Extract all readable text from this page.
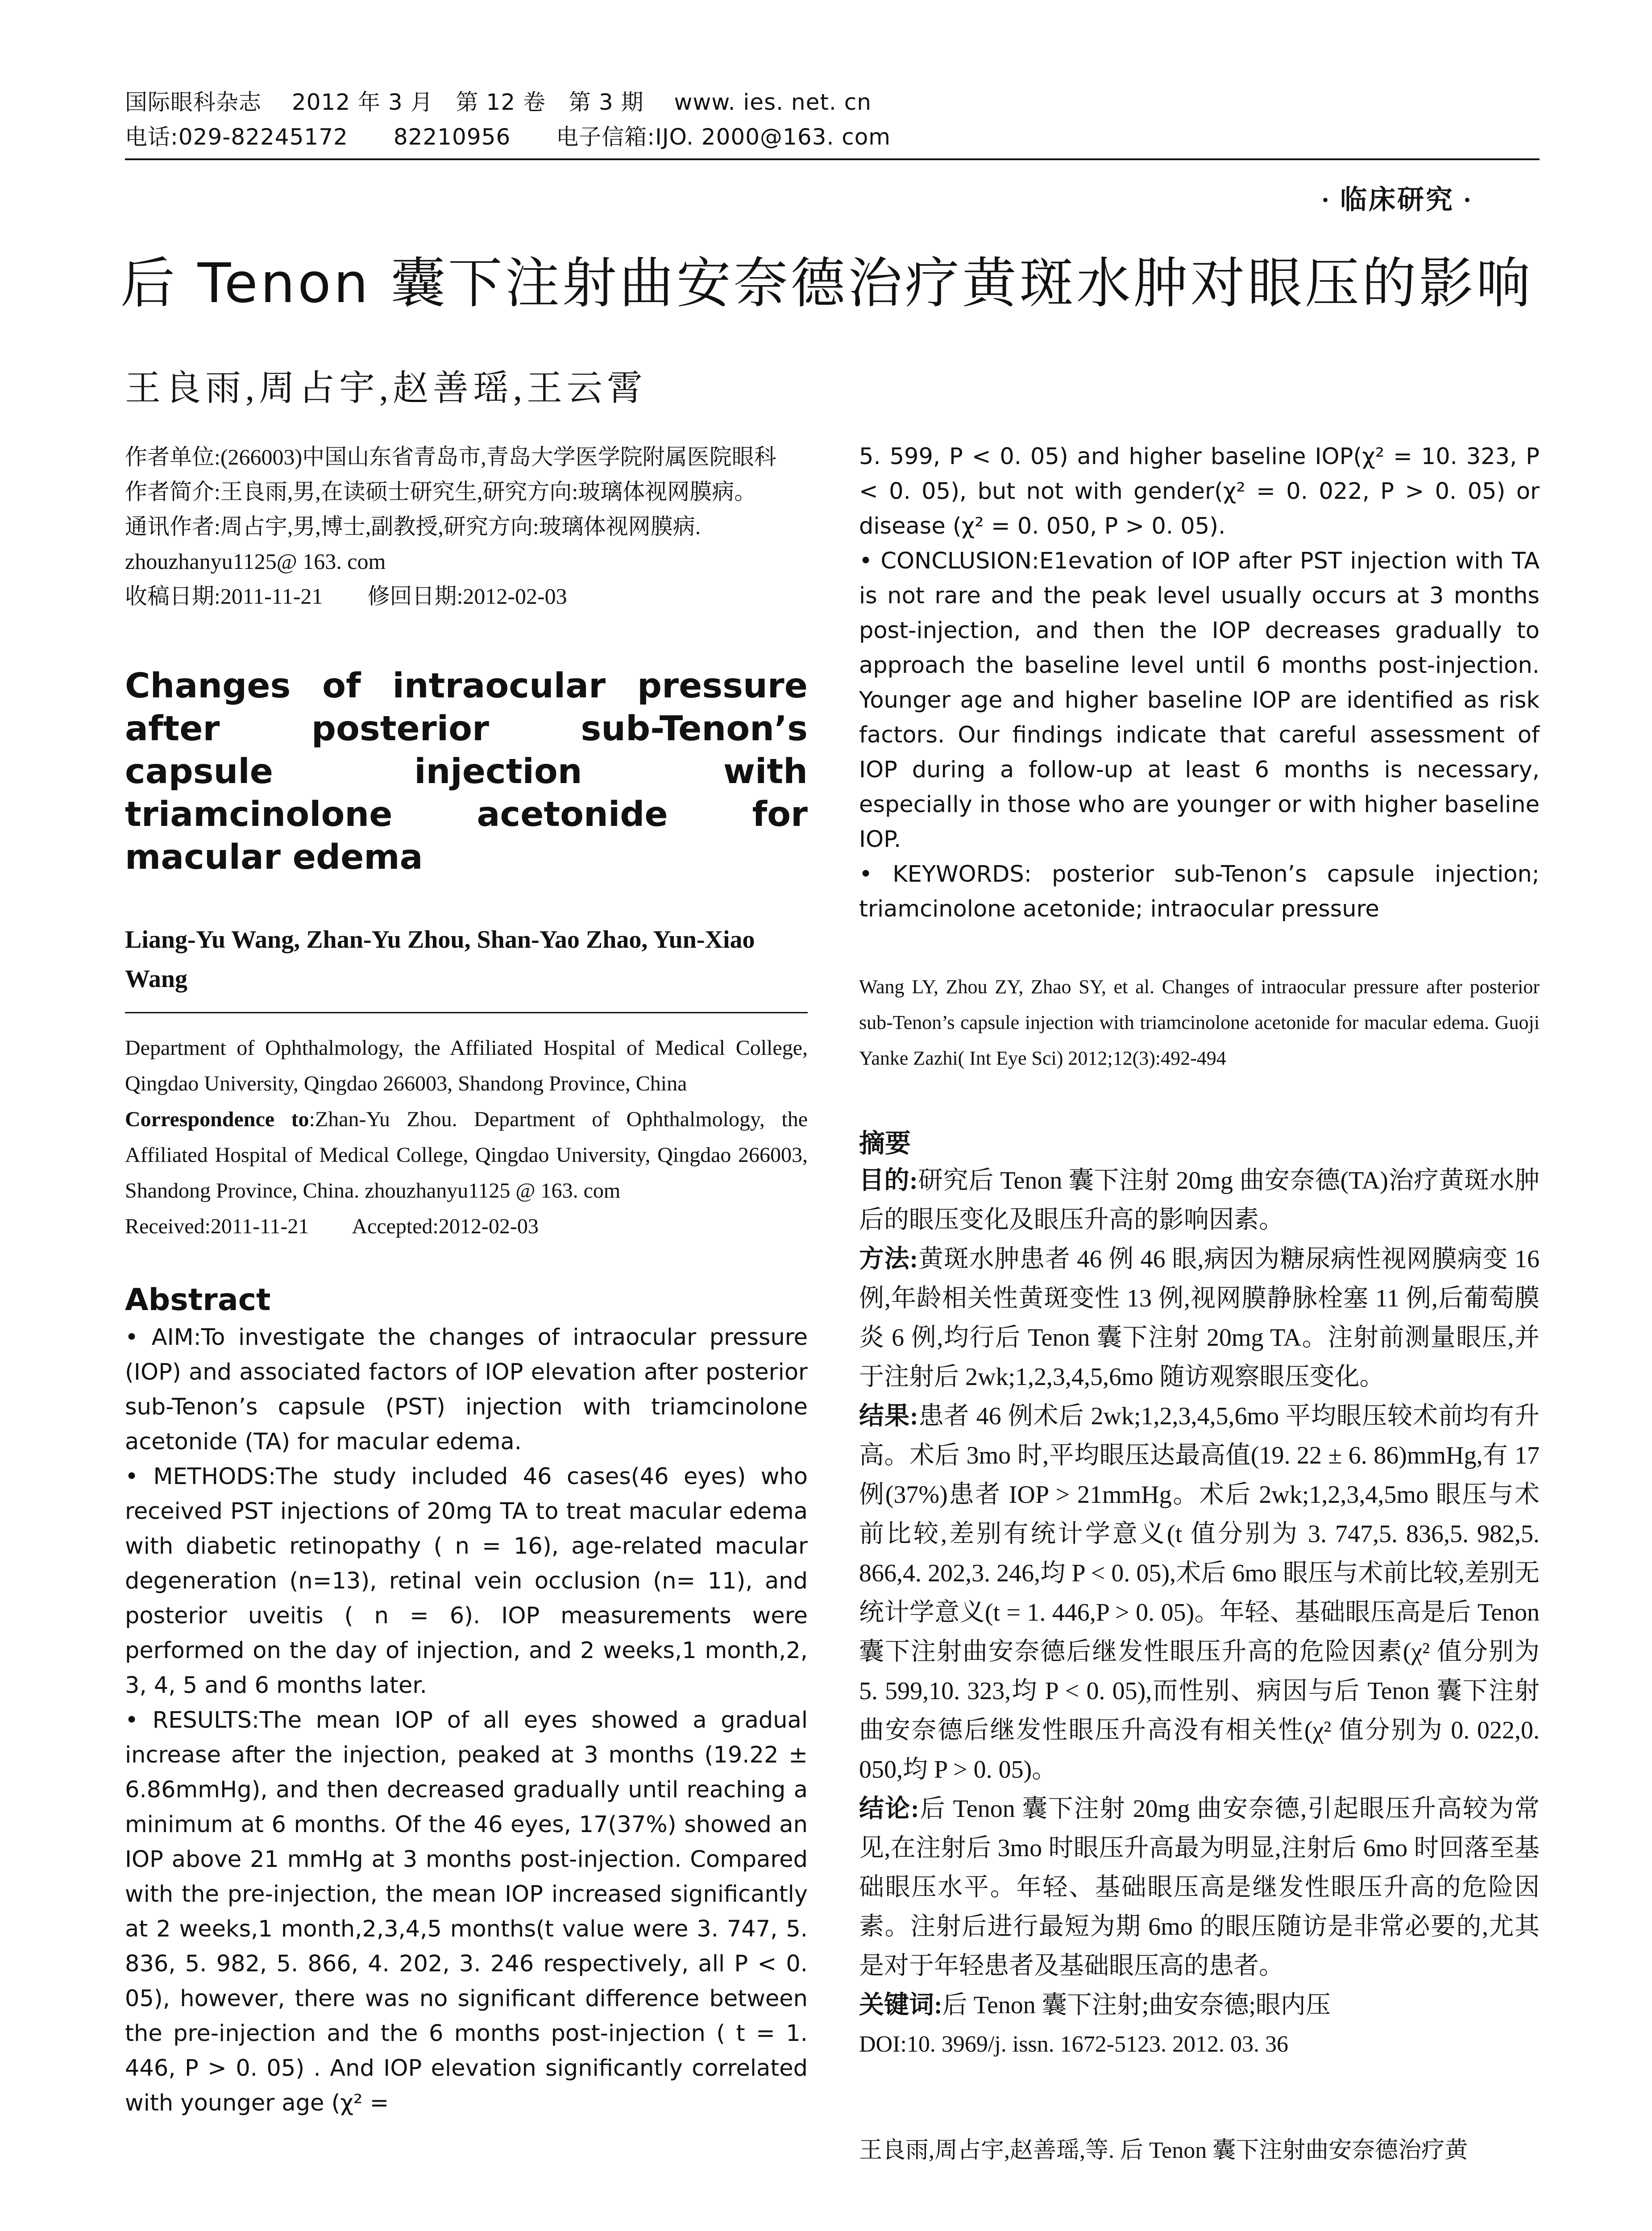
国际眼科杂志　 2012 年 3 月　第 12 卷　第 3 期　 www. ies. net. cn
电话:029-82245172　　82210956　　电子信箱:IJO. 2000@163. com
· 临床研究 ·
后 Tenon 囊下注射曲安奈德治疗黄斑水肿对眼压的影响
王良雨,周占宇,赵善瑶,王云霄

作者单位:(266003)中国山东省青岛市,青岛大学医学院附属医院眼科

作者简介:王良雨,男,在读硕士研究生,研究方向:玻璃体视网膜病。

通讯作者:周占宇,男,博士,副教授,研究方向:玻璃体视网膜病. zhouzhanyu1125@ 163. com

收稿日期:2011-11-21　　修回日期:2012-02-03

Changes of intraocular pressure after posterior sub-Tenon’s capsule injection with triamcinolone acetonide for macular edema
Liang-Yu Wang, Zhan-Yu Zhou, Shan-Yao Zhao, Yun-Xiao Wang

Department of Ophthalmology, the Affiliated Hospital of Medical College, Qingdao University, Qingdao 266003, Shandong Province, China

Correspondence to:Zhan-Yu Zhou. Department of Ophthalmology, the Affiliated Hospital of Medical College, Qingdao University, Qingdao 266003, Shandong Province, China. zhouzhanyu1125 @ 163. com

Received:2011-11-21　　Accepted:2012-02-03

Abstract

• AIM:To investigate the changes of intraocular pressure (IOP) and associated factors of IOP elevation after posterior sub-Tenon’s capsule (PST) injection with triamcinolone acetonide (TA) for macular edema.

• METHODS:The study included 46 cases(46 eyes) who received PST injections of 20mg TA to treat macular edema with diabetic retinopathy ( n = 16), age-related macular degeneration (n=13), retinal vein occlusion (n= 11), and posterior uveitis ( n = 6). IOP measurements were performed on the day of injection, and 2 weeks,1 month,2, 3, 4, 5 and 6 months later.

• RESULTS:The mean IOP of all eyes showed a gradual increase after the injection, peaked at 3 months (19.22 ± 6.86mmHg), and then decreased gradually until reaching a minimum at 6 months. Of the 46 eyes, 17(37%) showed an IOP above 21 mmHg at 3 months post-injection. Compared with the pre-injection, the mean IOP increased significantly at 2 weeks,1 month,2,3,4,5 months(t value were 3. 747, 5. 836, 5. 982, 5. 866, 4. 202, 3. 246 respectively, all P < 0. 05), however, there was no significant difference between the pre-injection and the 6 months post-injection ( t = 1. 446, P > 0. 05) . And IOP elevation significantly correlated with younger age (χ² =

5. 599, P < 0. 05) and higher baseline IOP(χ² = 10. 323, P < 0. 05), but not with gender(χ² = 0. 022, P > 0. 05) or disease (χ² = 0. 050, P > 0. 05).

• CONCLUSION:E1evation of IOP after PST injection with TA is not rare and the peak level usually occurs at 3 months post-injection, and then the IOP decreases gradually to approach the baseline level until 6 months post-injection. Younger age and higher baseline IOP are identified as risk factors. Our findings indicate that careful assessment of IOP during a follow-up at least 6 months is necessary, especially in those who are younger or with higher baseline IOP.

• KEYWORDS: posterior sub-Tenon’s capsule injection; triamcinolone acetonide; intraocular pressure

Wang LY, Zhou ZY, Zhao SY, et al. Changes of intraocular pressure after posterior sub-Tenon’s capsule injection with triamcinolone acetonide for macular edema. Guoji Yanke Zazhi( Int Eye Sci) 2012;12(3):492-494
摘要

目的:研究后 Tenon 囊下注射 20mg 曲安奈德(TA)治疗黄斑水肿后的眼压变化及眼压升高的影响因素。

方法:黄斑水肿患者 46 例 46 眼,病因为糖尿病性视网膜病变 16 例,年龄相关性黄斑变性 13 例,视网膜静脉栓塞 11 例,后葡萄膜炎 6 例,均行后 Tenon 囊下注射 20mg TA。注射前测量眼压,并于注射后 2wk;1,2,3,4,5,6mo 随访观察眼压变化。

结果:患者 46 例术后 2wk;1,2,3,4,5,6mo 平均眼压较术前均有升高。术后 3mo 时,平均眼压达最高值(19. 22 ± 6. 86)mmHg,有 17 例(37%)患者 IOP > 21mmHg。术后 2wk;1,2,3,4,5mo 眼压与术前比较,差别有统计学意义(t 值分别为 3. 747,5. 836,5. 982,5. 866,4. 202,3. 246,均 P < 0. 05),术后 6mo 眼压与术前比较,差别无统计学意义(t = 1. 446,P > 0. 05)。年轻、基础眼压高是后 Tenon 囊下注射曲安奈德后继发性眼压升高的危险因素(χ² 值分别为 5. 599,10. 323,均 P < 0. 05),而性别、病因与后 Tenon 囊下注射曲安奈德后继发性眼压升高没有相关性(χ² 值分别为 0. 022,0. 050,均 P > 0. 05)。

结论:后 Tenon 囊下注射 20mg 曲安奈德,引起眼压升高较为常见,在注射后 3mo 时眼压升高最为明显,注射后 6mo 时回落至基础眼压水平。年轻、基础眼压高是继发性眼压升高的危险因素。注射后进行最短为期 6mo 的眼压随访是非常必要的,尤其是对于年轻患者及基础眼压高的患者。

关键词:后 Tenon 囊下注射;曲安奈德;眼内压

DOI:10. 3969/j. issn. 1672-5123. 2012. 03. 36

王良雨,周占宇,赵善瑶,等. 后 Tenon 囊下注射曲安奈德治疗黄
